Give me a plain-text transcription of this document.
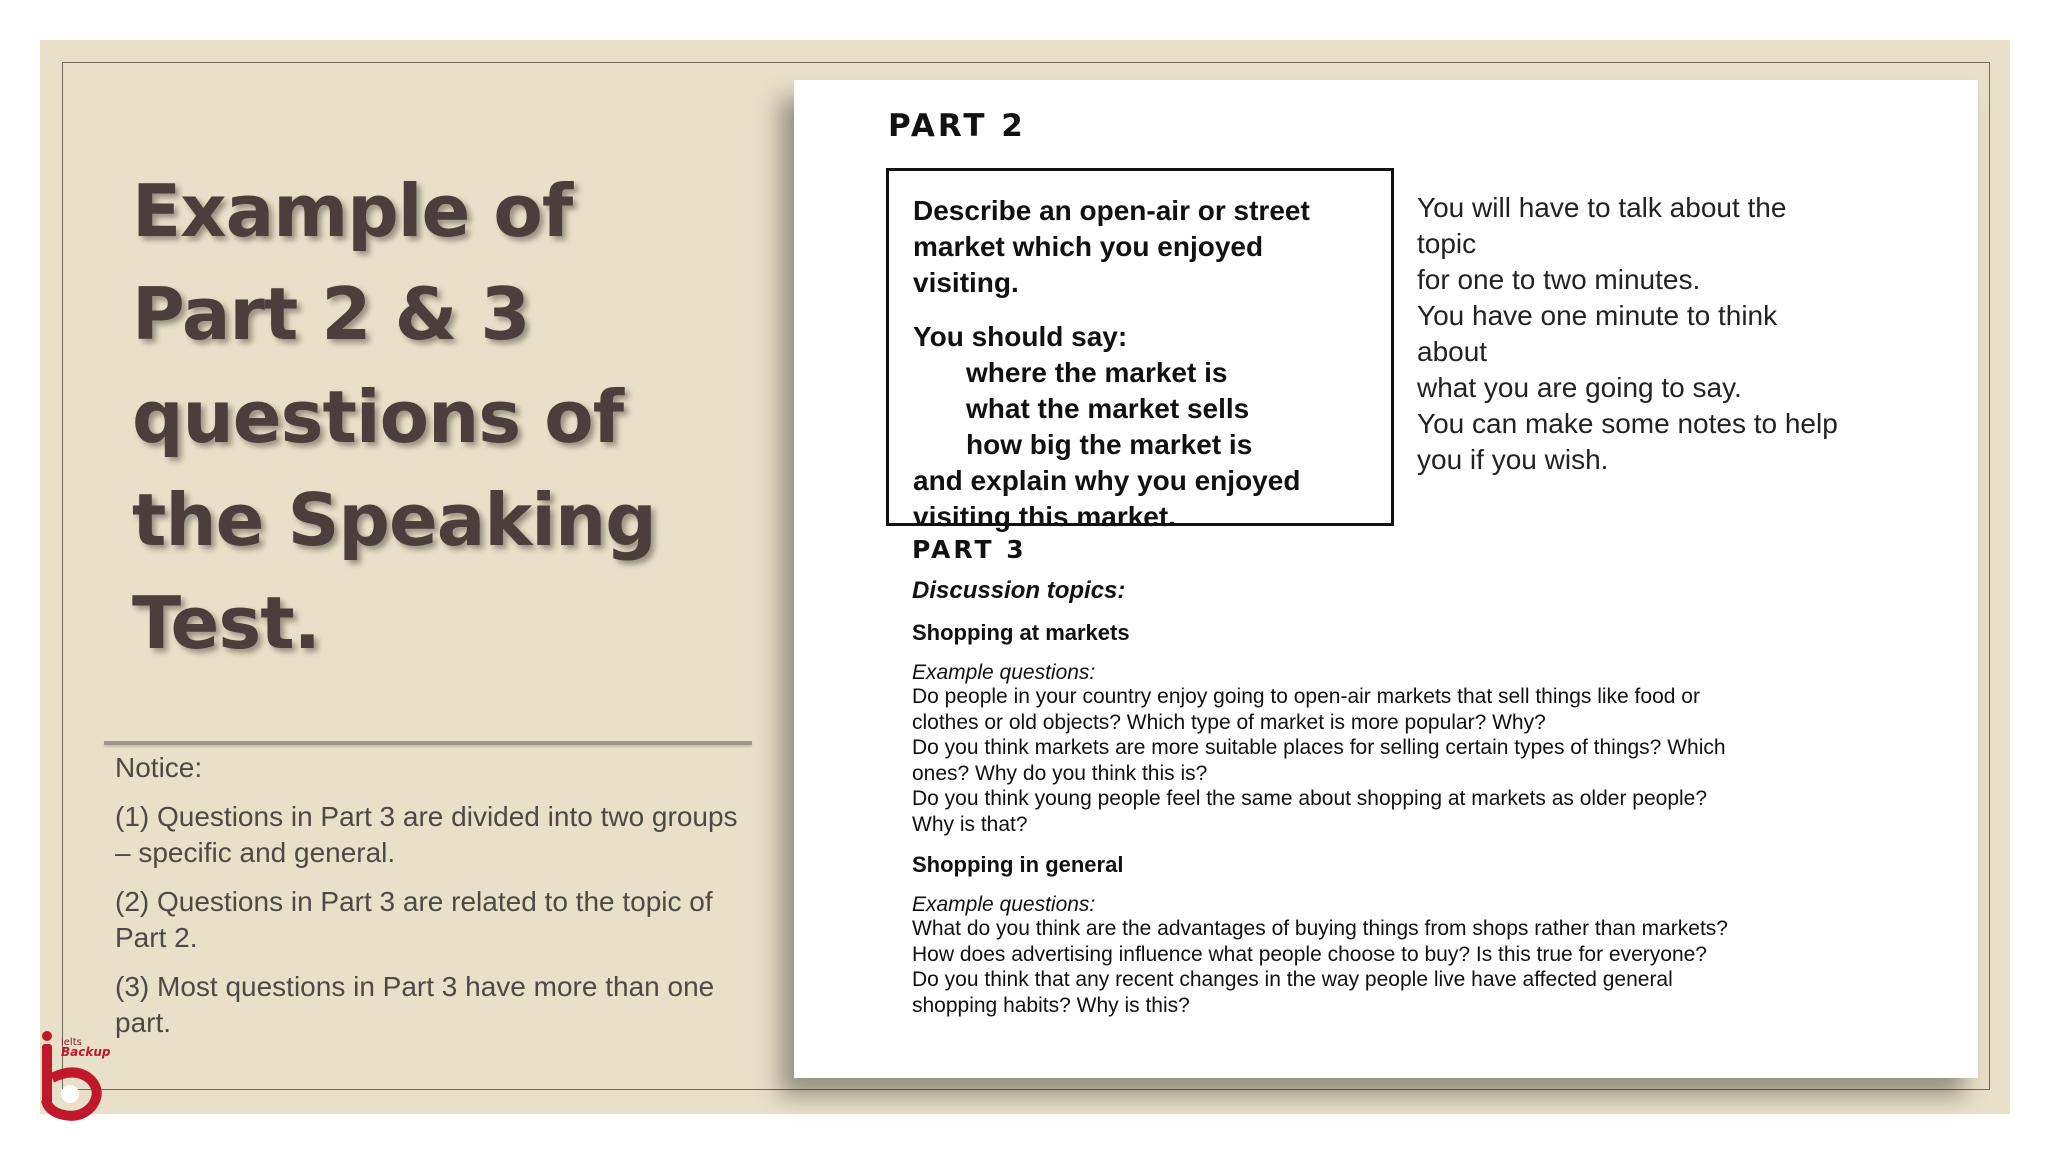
Example of
Part 2 & 3
questions of
the Speaking
Test.

Notice:

(1) Questions in Part 3 are divided into two groups – specific and general.

(2) Questions in Part 3 are related to the topic of Part 2.

(3) Most questions in Part 3 have more than one part.

ielts
Backup
PART 2
Describe an open-air or street
market which you enjoyed visiting.
You should say:
where the market is
what the market sells
how big the market is
and explain why you enjoyed
visiting this market.
You will have to talk about the topic
for one to two minutes.
You have one minute to think about
what you are going to say.
You can make some notes to help
you if you wish.
PART 3
Discussion topics:
Shopping at markets
Example questions:
Do people in your country enjoy going to open-air markets that sell things like food or
clothes or old objects? Which type of market is more popular? Why?
Do you think markets are more suitable places for selling certain types of things? Which
ones? Why do you think this is?
Do you think young people feel the same about shopping at markets as older people?
Why is that?
Shopping in general
Example questions:
What do you think are the advantages of buying things from shops rather than markets?
How does advertising influence what people choose to buy? Is this true for everyone?
Do you think that any recent changes in the way people live have affected general
shopping habits? Why is this?
